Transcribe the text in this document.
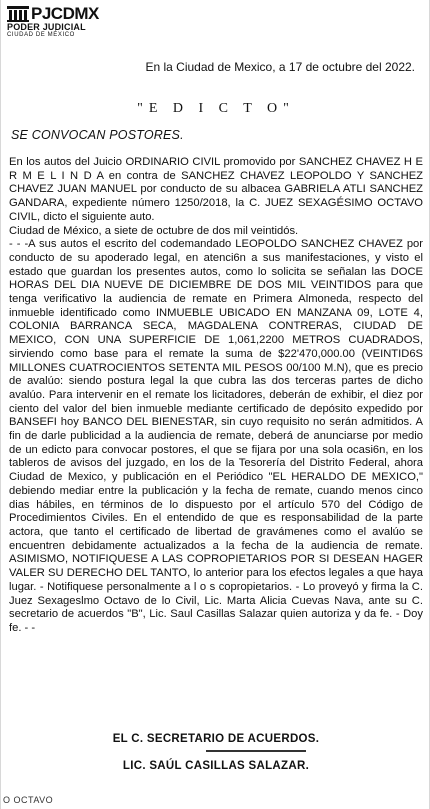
PJCDMX
PODER JUDICIAL
CIUDAD DE MÉXICO
En la Ciudad de Mexico, a 17 de octubre del 2022.
"E D I C T O"
SE CONVOCAN POSTORES.

En los autos del Juicio ORDINARIO CIVIL promovido por SANCHEZ CHAVEZ H E R M E L I N D A en contra de SANCHEZ CHAVEZ LEOPOLDO Y SANCHEZ CHAVEZ JUAN MANUEL por conducto de su albacea GABRIELA ATLI SANCHEZ GANDARA, expediente número 1250/2018, la C. JUEZ SEXAGÉSIMO OCTAVO CIVIL, dicto el siguiente auto.

Ciudad de México, a siete de octubre de dos mil veintidós.

- - -A sus autos el escrito del codemandado LEOPOLDO SANCHEZ CHAVEZ por conducto de su apoderado legal, en atenci6n a sus manifestaciones, y visto el estado que guardan los presentes autos, como lo solicita se señalan las DOCE HORAS DEL DIA NUEVE DE DICIEMBRE DE DOS MIL VEINTIDOS para que tenga verificativo la audiencia de remate en Primera Almoneda, respecto del inmueble identificado como INMUEBLE UBICADO EN MANZANA 09, LOTE 4, COLONIA BARRANCA SECA, MAGDALENA CONTRERAS, CIUDAD DE MEXICO, CON UNA SUPERFICIE DE 1,061,2200 METROS CUADRADOS, sirviendo como base para el remate la suma de $22'470,000.00 (VEINTID6S MILLONES CUATROCIENTOS SETENTA MIL PESOS 00/100 M.N), que es precio de avalúo: siendo postura legal la que cubra las dos terceras partes de dicho avalúo. Para intervenir en el remate los licitadores, deberán de exhibir, el diez por ciento del valor del bien inmueble mediante certificado de depósito expedido por BANSEFI hoy BANCO DEL BIENESTAR, sin cuyo requisito no serán admitidos. A fin de darle publicidad a la audiencia de remate, deberá de anunciarse por medio de un edicto para convocar postores, el que se fijara por una sola ocasi6n, en los tableros de avisos del juzgado, en los de la Tesorería del Distrito Federal, ahora Ciudad de Mexico, y publicación en el Periódico "EL HERALDO DE MEXICO," debiendo mediar entre la publicación y la fecha de remate, cuando menos cinco dias hábiles, en términos de lo dispuesto por el artículo 570 del Código de Procedimientos Civiles. En el entendido de que es responsabilidad de la parte actora, que tanto el certificado de libertad de gravámenes como el avalúo se encuentren debidamente actualizados a la fecha de la audiencia de remate. ASIMISMO, NOTIFIQUESE A LAS COPROPIETARIOS POR SI DESEAN HAGER VALER SU DERECHO DEL TANTO, lo anterior para los efectos legales a que haya lugar. - Notifiquese personalmente a l o s copropietarios. - Lo proveyó y firma la C. Juez Sexageslmo Octavo de lo Civil, Lic. Marta Alicia Cuevas Nava, ante su C. secretario de acuerdos "B", Lic. Saul Casillas Salazar quien autoriza y da fe. - Doy fe. - -

EL C. SECRETARIO DE ACUERDOS.
LIC. SAÚL CASILLAS SALAZAR.
O OCTAVO
